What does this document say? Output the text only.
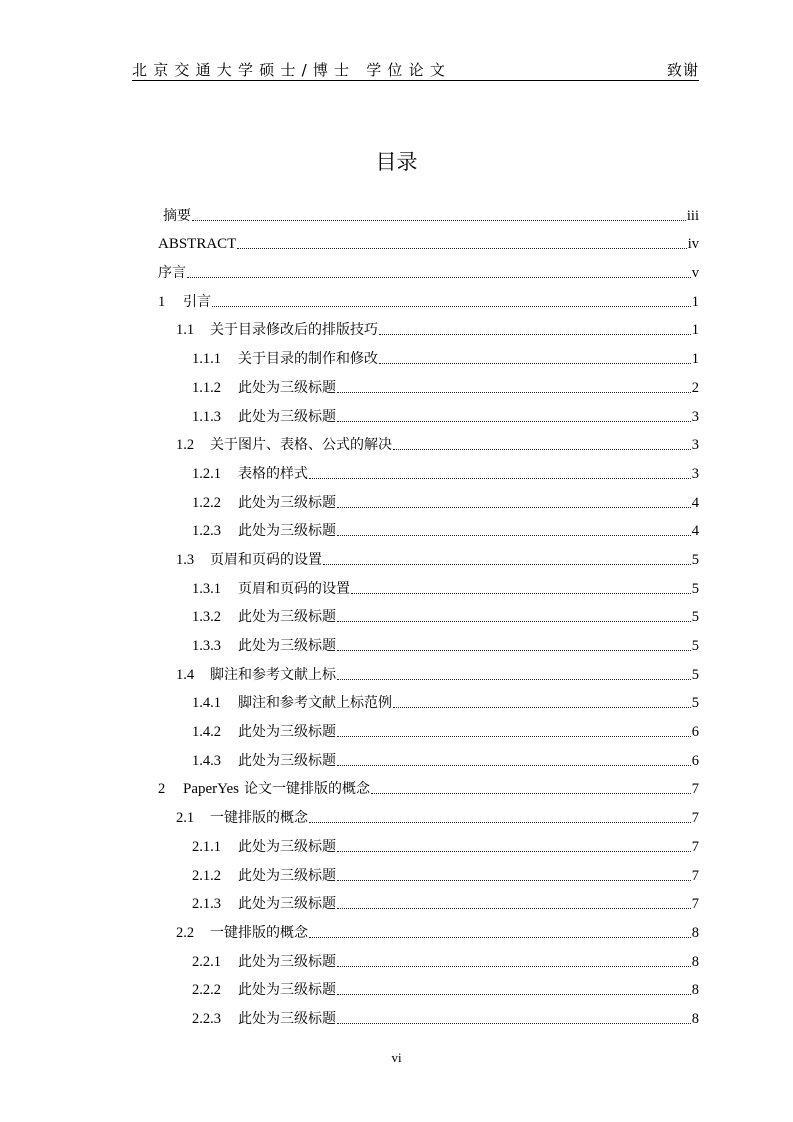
北京交通大学硕士/博士 学位论文	致谢
目录
摘要	iii
ABSTRACT	iv
序言	v
1	引言	1
1.1	关于目录修改后的排版技巧	1
1.1.1	关于目录的制作和修改	1
1.1.2	此处为三级标题	2
1.1.3	此处为三级标题	3
1.2	关于图片、表格、公式的解决	3
1.2.1	表格的样式	3
1.2.2	此处为三级标题	4
1.2.3	此处为三级标题	4
1.3	页眉和页码的设置	5
1.3.1	页眉和页码的设置	5
1.3.2	此处为三级标题	5
1.3.3	此处为三级标题	5
1.4	脚注和参考文献上标	5
1.4.1	脚注和参考文献上标范例	5
1.4.2	此处为三级标题	6
1.4.3	此处为三级标题	6
2	PaperYes 论文一键排版的概念	7
2.1	一键排版的概念	7
2.1.1	此处为三级标题	7
2.1.2	此处为三级标题	7
2.1.3	此处为三级标题	7
2.2	一键排版的概念	8
2.2.1	此处为三级标题	8
2.2.2	此处为三级标题	8
2.2.3	此处为三级标题	8
vi
